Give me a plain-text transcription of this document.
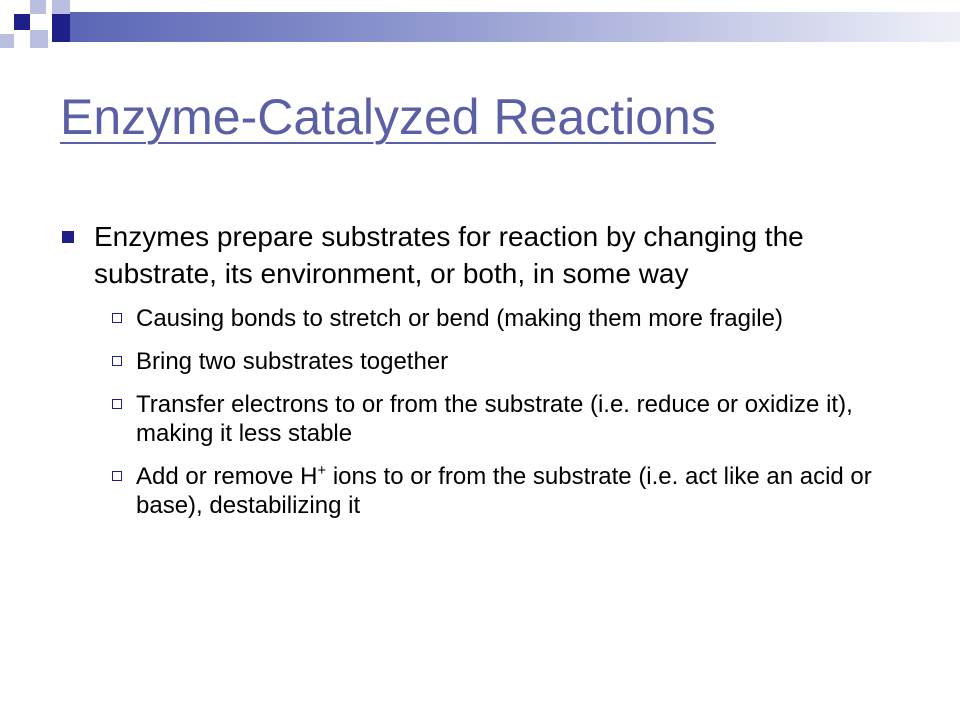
Enzyme-Catalyzed Reactions
Enzymes prepare substrates for reaction by changing the substrate, its environment, or both, in some way
Causing bonds to stretch or bend (making them more fragile)
Bring two substrates together
Transfer electrons to or from the substrate (i.e. reduce or oxidize it), making it less stable
Add or remove H+ ions to or from the substrate (i.e. act like an acid or base), destabilizing it
